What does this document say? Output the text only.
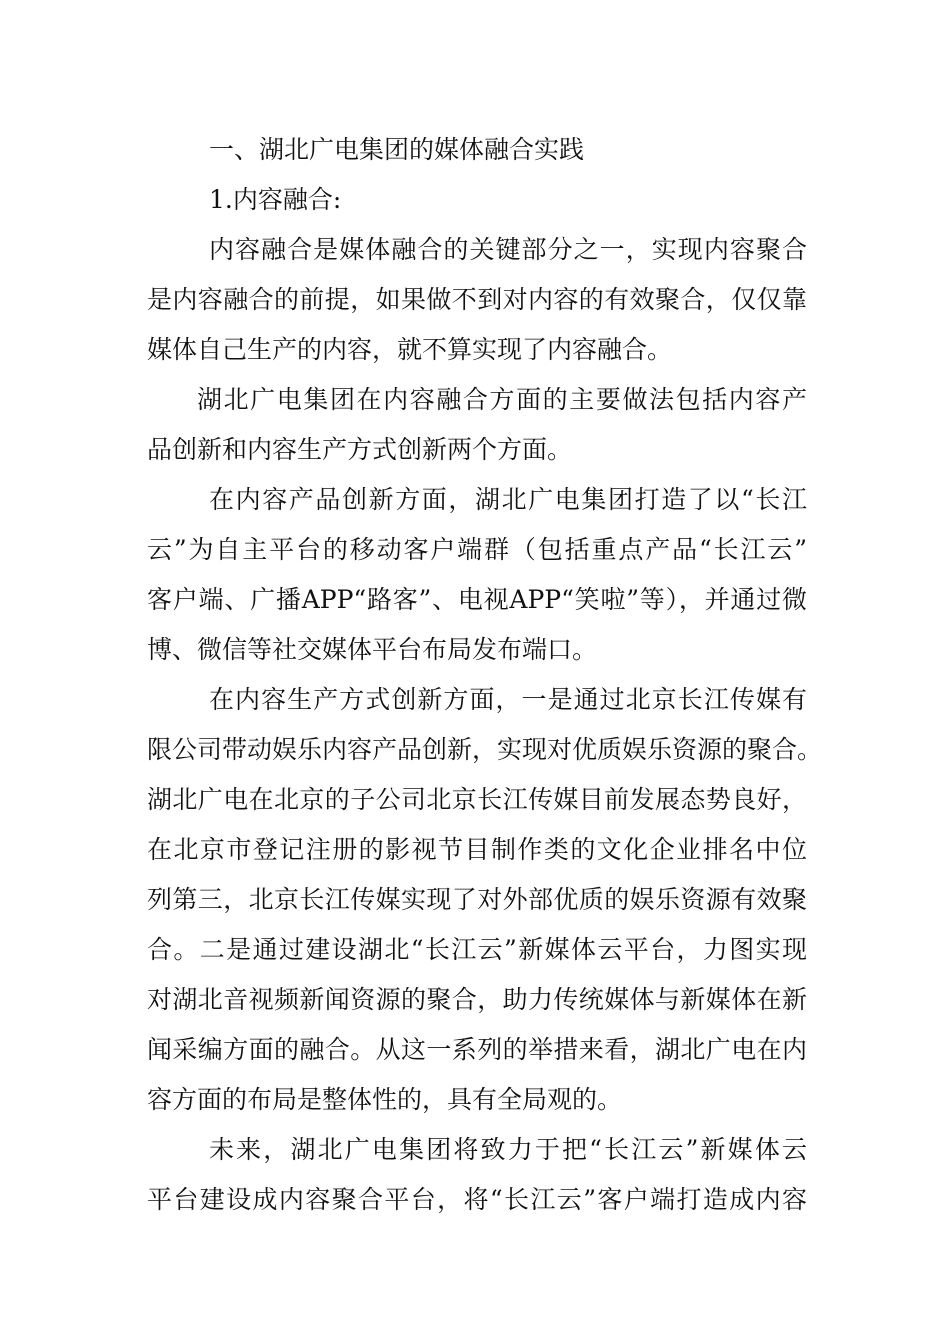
一、湖北广电集团的媒体融合实践
1.内容融合:
内容融合是媒体融合的关键部分之一，实现内容聚合
是内容融合的前提，如果做不到对内容的有效聚合，仅仅靠
媒体自己生产的内容，就不算实现了内容融合。
湖北广电集团在内容融合方面的主要做法包括内容产
品创新和内容生产方式创新两个方面。
在内容产品创新方面，湖北广电集团打造了以“长江
云”为自主平台的移动客户端群（包括重点产品“长江云”
客户端、广播APP“路客”、电视APP“笑啦”等），并通过微
博、微信等社交媒体平台布局发布端口。
在内容生产方式创新方面，一是通过北京长江传媒有
限公司带动娱乐内容产品创新，实现对优质娱乐资源的聚合。
湖北广电在北京的子公司北京长江传媒目前发展态势良好，
在北京市登记注册的影视节目制作类的文化企业排名中位
列第三，北京长江传媒实现了对外部优质的娱乐资源有效聚
合。二是通过建设湖北“长江云”新媒体云平台，力图实现
对湖北音视频新闻资源的聚合，助力传统媒体与新媒体在新
闻采编方面的融合。从这一系列的举措来看，湖北广电在内
容方面的布局是整体性的，具有全局观的。
未来，湖北广电集团将致力于把“长江云”新媒体云
平台建设成内容聚合平台，将“长江云”客户端打造成内容
